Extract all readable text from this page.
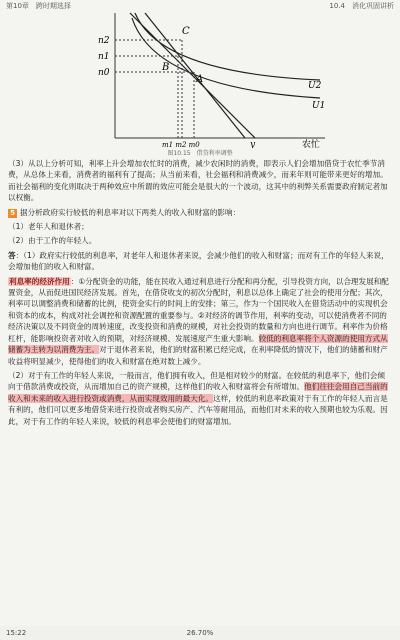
第10章　跨时期选择	10.4　消化巩固讲析
n2
n1
n0
C
B
A
U2
U1
m1 m2 m0	y	农忙
图10.15　借贷利率调整

（3）从以上分析可知，利率上升会增加农忙时的消费，减少农闲时的消费，即表示人们会增加借贷于农忙季节消费，从总体上来看，消费者的福利有了提高；从当前来看，社会福利和消费减少，而来年则可能带来更好的增加。而社会福利的变化则取决于两种效应中所谓的效应可能会是很大的一个波动，这其中的利弊关系需要政府制定者加以权衡。

5 据分析政府实行较低的利息率对以下两类人的收入和财富的影响：

（1）老年人和退休者；

（2）由于工作的年轻人。

答：（1）政府实行较低的利息率，对老年人和退休者来说，会减少他们的收入和财富；而对有工作的年轻人来说，会增加他们的收入和财富。

利息率的经济作用：①分配资金的功能，能在民收入通过利息进行分配和再分配，引导投资方向，以合理发展和配置资金，从而促进国民经济发展。首先，在借贷收支的初次分配时，利息以总体上确定了社会的使用分配；其次，利率可以调整消费和储蓄的比例，使资金实行的时间上的安排；第三，作为一个国民收入在借贷活动中的实现机会和资本的成本，构成对社会调控和资源配置的重要参与。②对经济的调节作用，利率的变动，可以使消费者不同的经济决策以及不同资金的周转速度，改变投资和消费的规模，对社会投资的数量和方向也进行调节。利率作为价格杠杆，能影响投资者对收入的预期，对经济规模、发展速度产生重大影响。较低的利息率将个人资源的使用方式从储蓄为主转为以消费为主。对于退休者来说，他们的财富积累已经完成，在利率降低的情况下，他们的储蓄和财产收益将明显减少，使得他们的收入和财富在绝对数上减少。

（2）对于有工作的年轻人来说，一般而言，他们拥有收入，但是相对较少的财富。在较低的利息率下，他们会倾向于借款消费或投资，从而增加自己的资产规模，这样他们的收入和财富将会有所增加。他们往往会用自己当前的收入和未来的收入进行投资或消费，从而实现效用的最大化。这样，较低的利息率政策对于有工作的年轻人而言是有利的，他们可以更多地借贷来进行投资或者购买房产、汽车等耐用品，而他们对未来的收入预期也较为乐观。因此，对于有工作的年轻人来说，较低的利息率会使他们的财富增加。

15:22	26.70%
